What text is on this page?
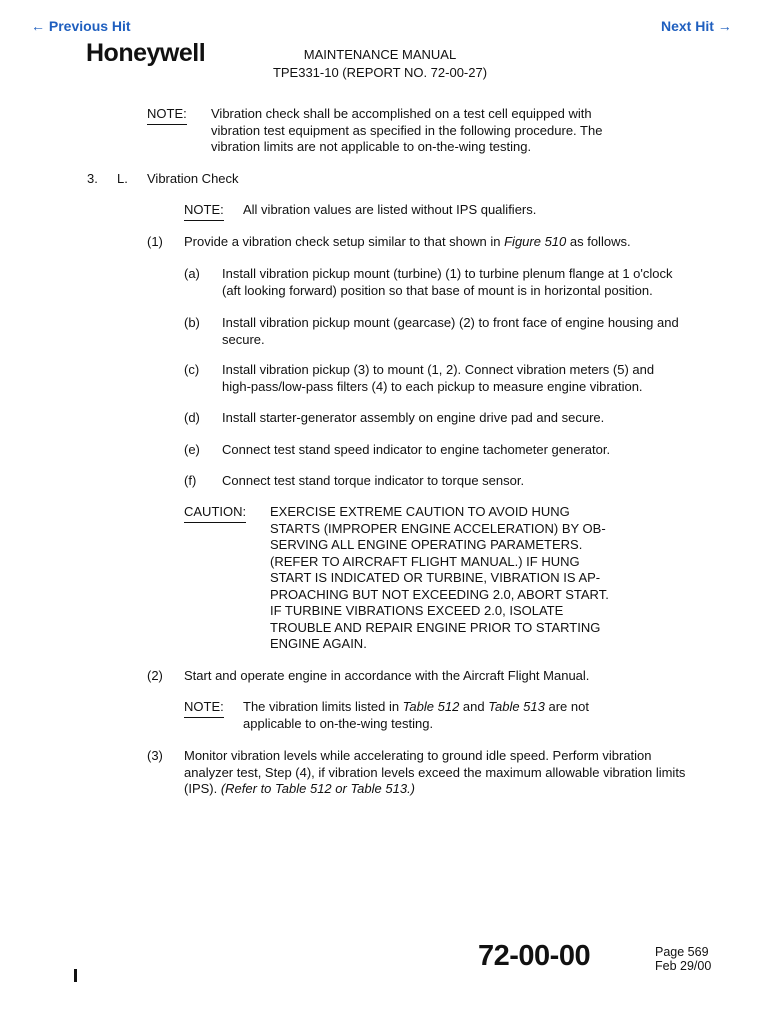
← Previous Hit	Next Hit →
Honeywell	MAINTENANCE MANUAL
TPE331-10 (REPORT NO. 72-00-27)
NOTE: Vibration check shall be accomplished on a test cell equipped with
vibration test equipment as specified in the following procedure. The
vibration limits are not applicable to on-the-wing testing.
3. L. Vibration Check
NOTE: All vibration values are listed without IPS qualifiers.
(1) Provide a vibration check setup similar to that shown in Figure 510 as follows.
(a) Install vibration pickup mount (turbine) (1) to turbine plenum flange at 1 o'clock
(aft looking forward) position so that base of mount is in horizontal position.
(b) Install vibration pickup mount (gearcase) (2) to front face of engine housing and
secure.
(c) Install vibration pickup (3) to mount (1, 2). Connect vibration meters (5) and
high-pass/low-pass filters (4) to each pickup to measure engine vibration.
(d) Install starter-generator assembly on engine drive pad and secure.
(e) Connect test stand speed indicator to engine tachometer generator.
(f) Connect test stand torque indicator to torque sensor.
CAUTION: EXERCISE EXTREME CAUTION TO AVOID HUNG
STARTS (IMPROPER ENGINE ACCELERATION) BY OB-
SERVING ALL ENGINE OPERATING PARAMETERS.
(REFER TO AIRCRAFT FLIGHT MANUAL.) IF HUNG
START IS INDICATED OR TURBINE, VIBRATION IS AP-
PROACHING BUT NOT EXCEEDING 2.0, ABORT START.
IF TURBINE VIBRATIONS EXCEED 2.0, ISOLATE
TROUBLE AND REPAIR ENGINE PRIOR TO STARTING
ENGINE AGAIN.
(2) Start and operate engine in accordance with the Aircraft Flight Manual.
NOTE: The vibration limits listed in Table 512 and Table 513 are not
applicable to on-the-wing testing.
(3) Monitor vibration levels while accelerating to ground idle speed. Perform vibration
analyzer test, Step (4), if vibration levels exceed the maximum allowable vibration limits
(IPS). (Refer to Table 512 or Table 513.)
72-00-00	Page 569
Feb 29/00
